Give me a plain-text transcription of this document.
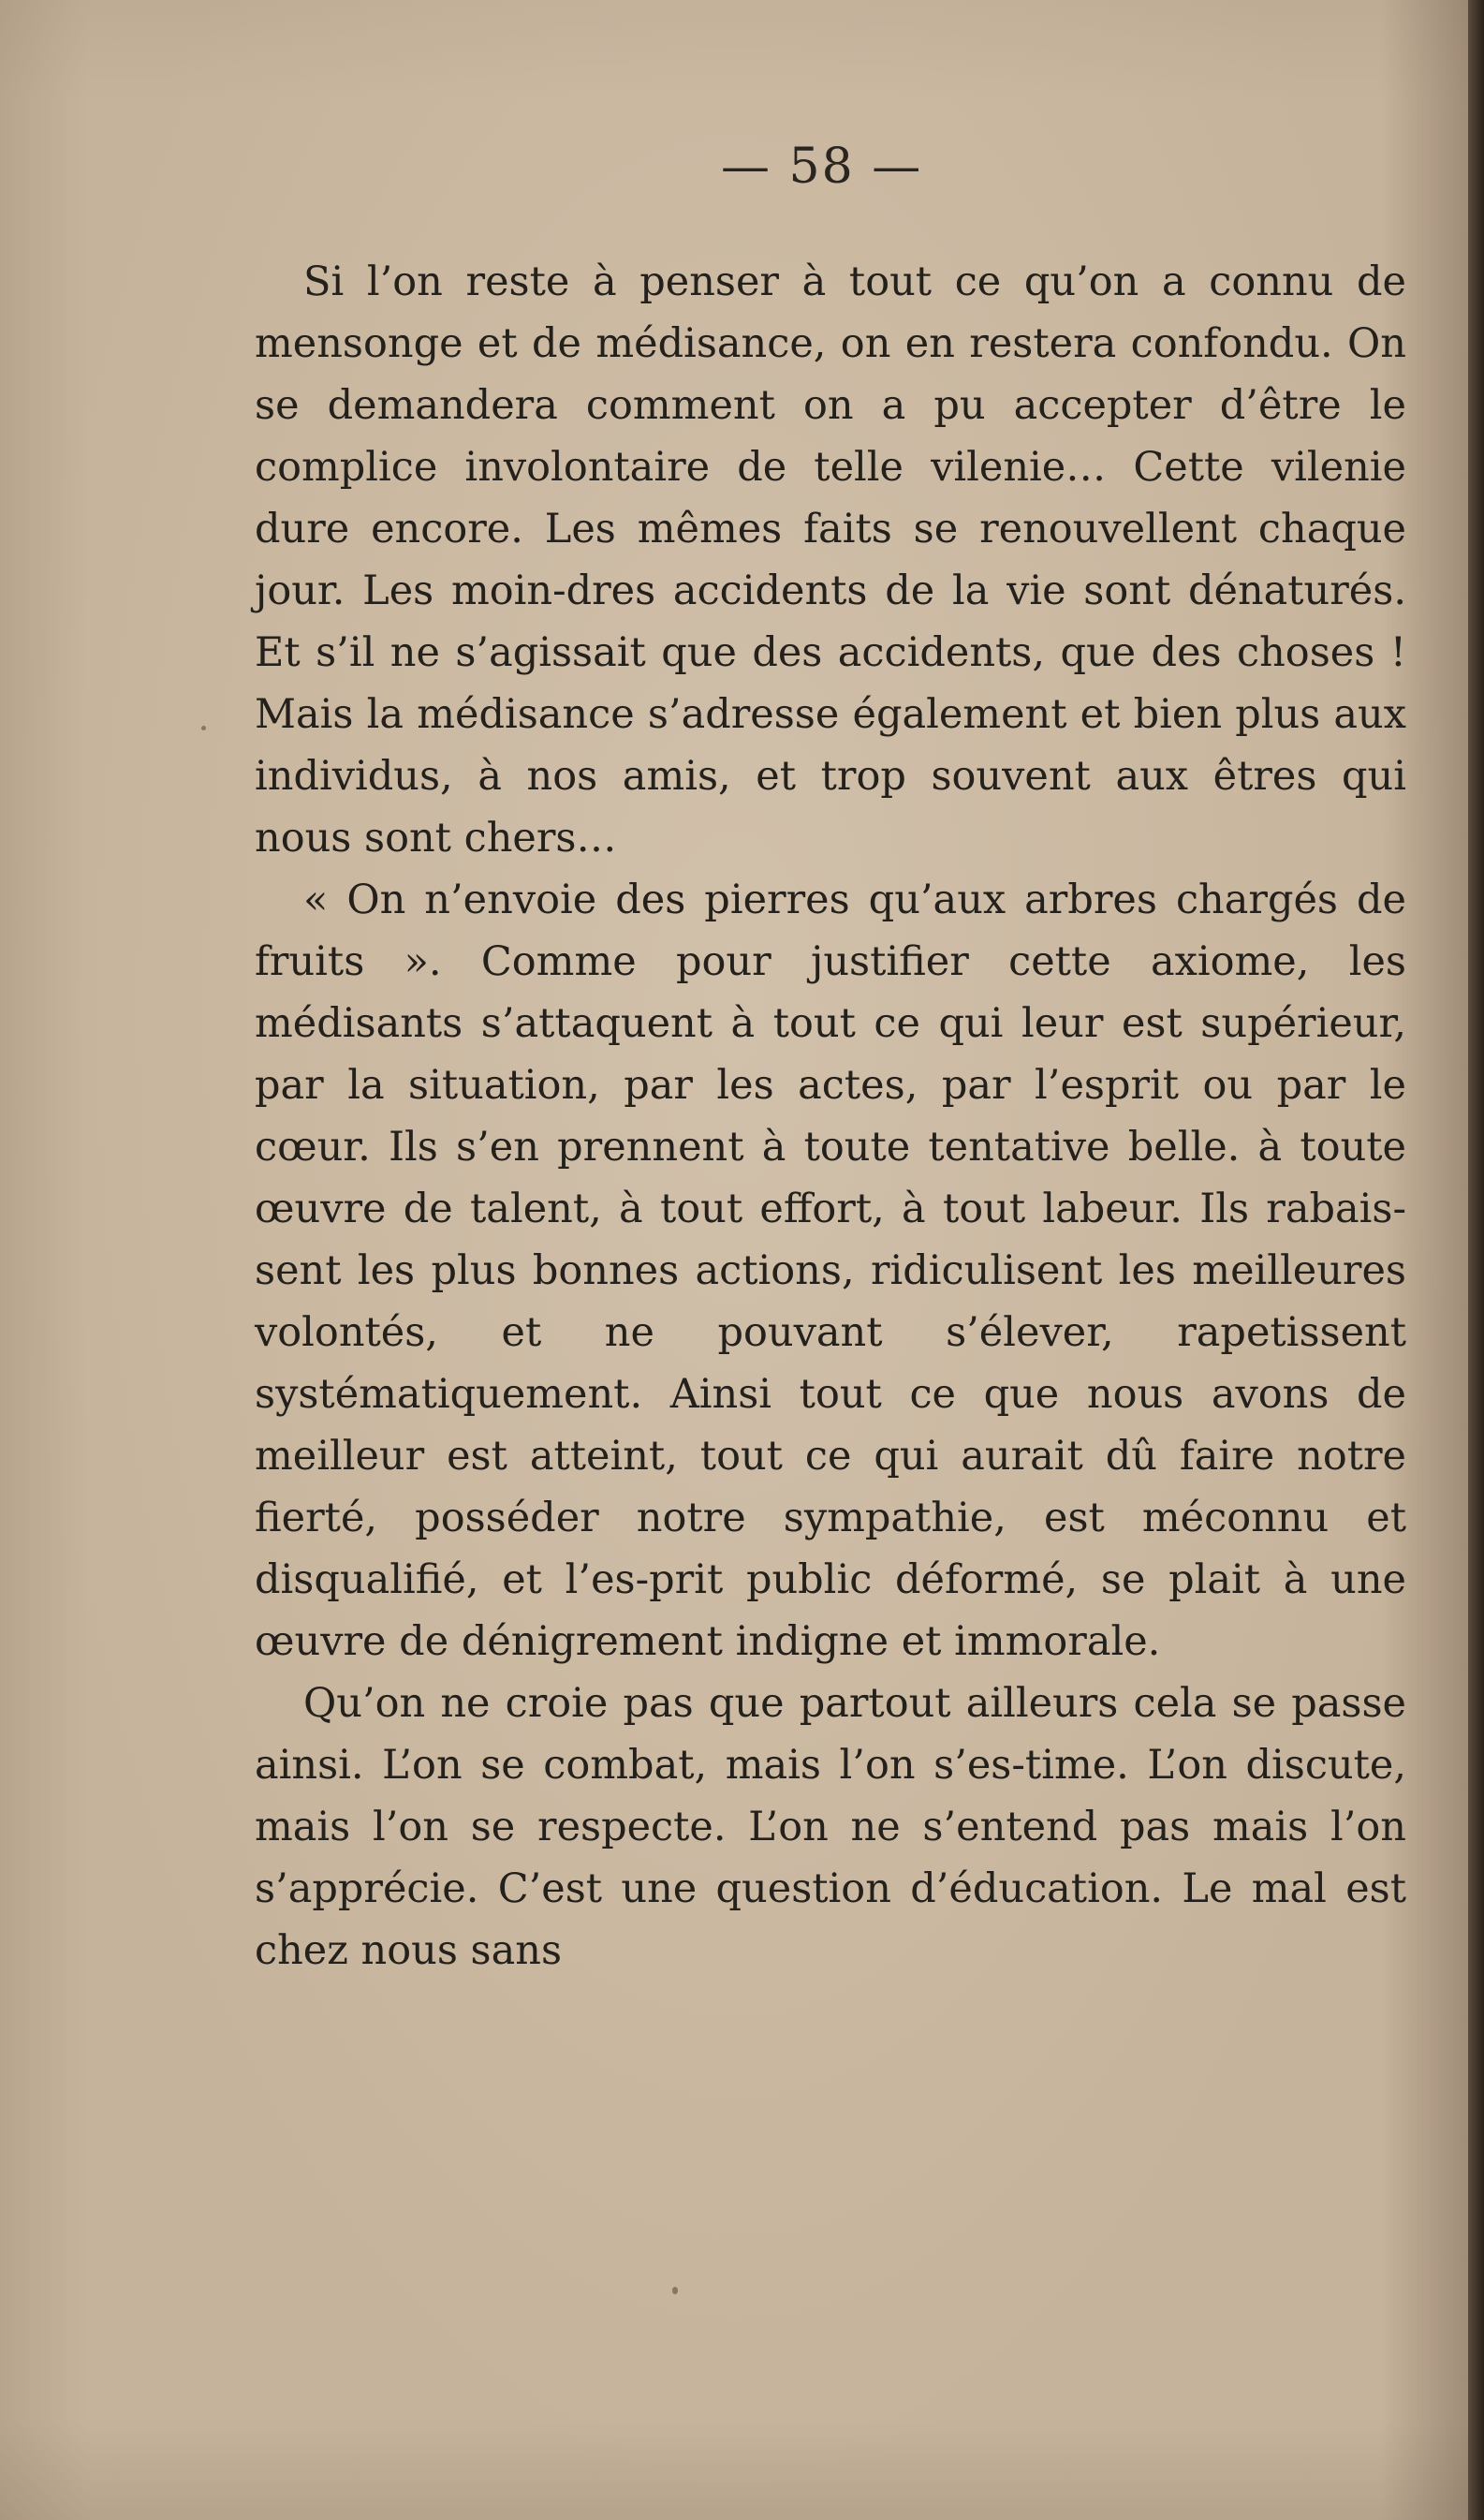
— 58 —

Si l’on reste à penser à tout ce qu’on a connu de mensonge et de médisance, on en restera confondu. On se demandera comment on a pu accepter d’être le complice involontaire de telle vilenie… Cette vilenie dure encore. Les mêmes faits se renouvellent chaque jour. Les moin-dres accidents de la vie sont dénaturés. Et s’il ne s’agissait que des accidents, que des choses ! Mais la médisance s’adresse également et bien plus aux individus, à nos amis, et trop souvent aux êtres qui nous sont chers…

« On n’envoie des pierres qu’aux arbres chargés de fruits ». Comme pour justifier cette axiome, les médisants s’attaquent à tout ce qui leur est supérieur, par la situation, par les actes, par l’esprit ou par le cœur. Ils s’en prennent à toute tentative belle. à toute œuvre de talent, à tout effort, à tout labeur. Ils rabais-sent les plus bonnes actions, ridiculisent les meilleures volontés, et ne pouvant s’élever, rapetissent systématiquement. Ainsi tout ce que nous avons de meilleur est atteint, tout ce qui aurait dû faire notre fierté, posséder notre sympathie, est méconnu et disqualifié, et l’es-prit public déformé, se plait à une œuvre de dénigrement indigne et immorale.

Qu’on ne croie pas que partout ailleurs cela se passe ainsi. L’on se combat, mais l’on s’es-time. L’on discute, mais l’on se respecte. L’on ne s’entend pas mais l’on s’apprécie. C’est une question d’éducation. Le mal est chez nous sans
